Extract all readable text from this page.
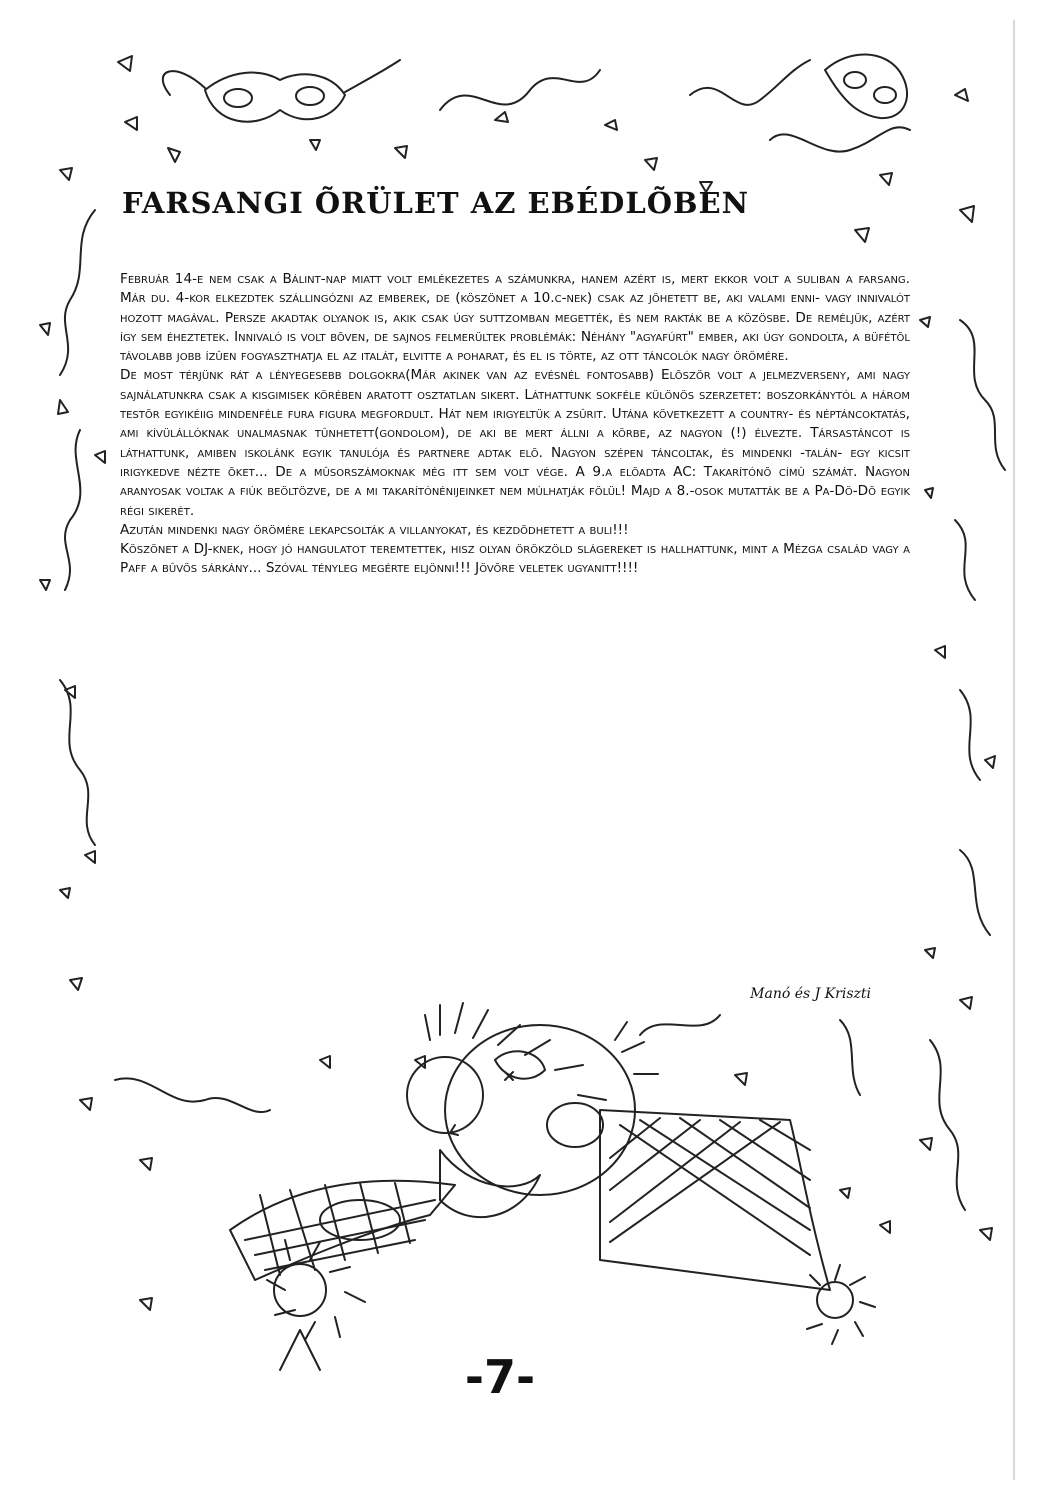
FARSANGI ÕRÜLET AZ EBÉDLÕBEN

Február 14-e nem csak a Bálint-nap miatt volt emlékezetes a számunkra, hanem azért is, mert ekkor volt a suliban a farsang. Már du. 4-kor elkezdtek szállingózni az emberek, de (köszönet a 10.c-nek) csak az jöhetett be, aki valami enni- vagy innivalót hozott magával. Persze akadtak olyanok is, akik csak úgy suttzomban megették, és nem rakták be a közösbe. De reméljük, azért így sem éheztetek. Innivaló is volt bõven, de sajnos felmerültek problémák: Néhány "agyafúrt" ember, aki úgy gondolta, a büfétõl távolabb jobb ízûen fogyaszthatja el az italát, elvitte a poharat, és el is törte, az ott táncolók nagy örömére.

De most térjünk rát a lényegesebb dolgokra(Már akinek van az evésnél fontosabb) Elõször volt a jelmezverseny, ami nagy sajnálatunkra csak a kisgimisek körében aratott osztatlan sikert. Láthattunk sokféle különös szerzetet: boszorkánytól a három testõr egyikéiig mindenféle fura figura megfordult. Hát nem irigyeltük a zsûrit. Utána következett a country- és néptáncoktatás, ami kívülállóknak unalmasnak tûnhetett(gondolom), de aki be mert állni a körbe, az nagyon (!) élvezte. Társastáncot is láthattunk, amiben iskolánk egyik tanulója és partnere adtak elõ. Nagyon szépen táncoltak, és mindenki -talán- egy kicsit irigykedve nézte õket... De a mûsorszámoknak még itt sem volt vége. A 9.a elõadta AC: Takarítónõ címû számát. Nagyon aranyosak voltak a fiúk beöltözve, de a mi takarítónénijeinket nem múlhatják fölül! Majd a 8.-osok mutatták be a Pa-Dö-Dõ egyik régi sikerét.

Azután mindenki nagy örömére lekapcsolták a villanyokat, és kezdõdhetett a buli!!!

Köszönet a DJ-knek, hogy jó hangulatot teremtettek, hisz olyan örökzöld slágereket is hallhattunk, mint a Mézga család vagy a Paff a bûvös sárkány... Szóval tényleg megérte eljönni!!! Jövõre veletek ugyanitt!!!!

Manó és J Kriszti
-7-
